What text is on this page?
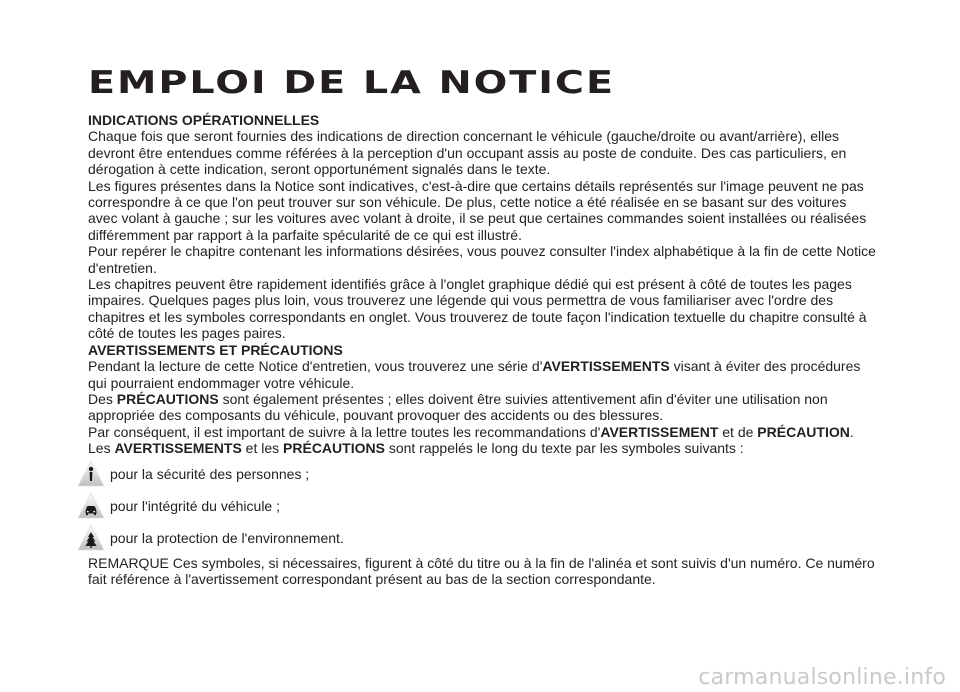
EMPLOI DE LA NOTICE
INDICATIONS OPÉRATIONNELLES
Chaque fois que seront fournies des indications de direction concernant le véhicule (gauche/droite ou avant/arrière), elles
devront être entendues comme référées à la perception d'un occupant assis au poste de conduite. Des cas particuliers, en
dérogation à cette indication, seront opportunément signalés dans le texte.
Les figures présentes dans la Notice sont indicatives, c'est-à-dire que certains détails représentés sur l'image peuvent ne pas
correspondre à ce que l'on peut trouver sur son véhicule. De plus, cette notice a été réalisée en se basant sur des voitures
avec volant à gauche ; sur les voitures avec volant à droite, il se peut que certaines commandes soient installées ou réalisées
différemment par rapport à la parfaite spécularité de ce qui est illustré.
Pour repérer le chapitre contenant les informations désirées, vous pouvez consulter l'index alphabétique à la fin de cette Notice
d'entretien.
Les chapitres peuvent être rapidement identifiés grâce à l'onglet graphique dédié qui est présent à côté de toutes les pages
impaires. Quelques pages plus loin, vous trouverez une légende qui vous permettra de vous familiariser avec l'ordre des
chapitres et les symboles correspondants en onglet. Vous trouverez de toute façon l'indication textuelle du chapitre consulté à
côté de toutes les pages paires.
AVERTISSEMENTS ET PRÉCAUTIONS
Pendant la lecture de cette Notice d'entretien, vous trouverez une série d'AVERTISSEMENTS visant à éviter des procédures
qui pourraient endommager votre véhicule.
Des PRÉCAUTIONS sont également présentes ; elles doivent être suivies attentivement afin d'éviter une utilisation non
appropriée des composants du véhicule, pouvant provoquer des accidents ou des blessures.
Par conséquent, il est important de suivre à la lettre toutes les recommandations d'AVERTISSEMENT et de PRÉCAUTION.
Les AVERTISSEMENTS et les PRÉCAUTIONS sont rappelés le long du texte par les symboles suivants :
pour la sécurité des personnes ;
pour l'intégrité du véhicule ;
pour la protection de l'environnement.
REMARQUE Ces symboles, si nécessaires, figurent à côté du titre ou à la fin de l'alinéa et sont suivis d'un numéro. Ce numéro
fait référence à l'avertissement correspondant présent au bas de la section correspondante.
carmanualsonline.info
